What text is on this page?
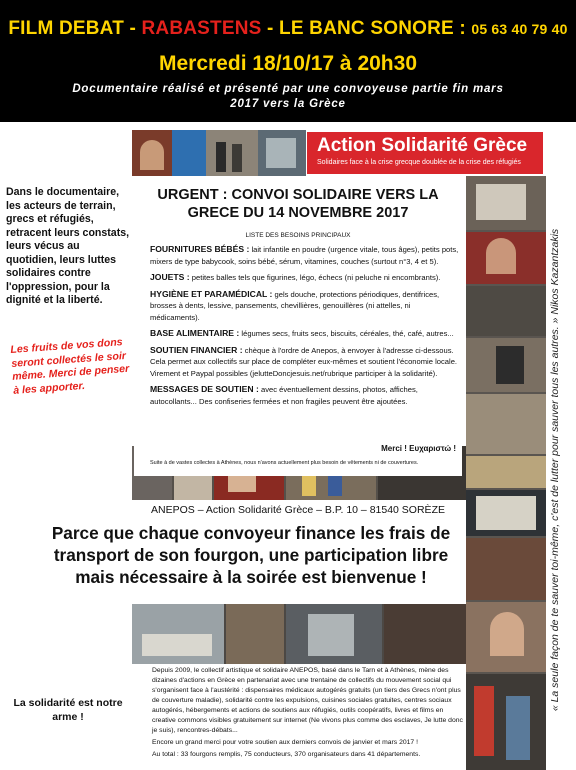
FILM DEBAT - RABASTENS - LE BANC SONORE : 05 63 40 79 40
Mercredi 18/10/17 à 20h30
Documentaire réalisé et présenté par une convoyeuse partie fin mars 2017 vers la Grèce
Action Solidarité Grèce
Solidaires face à la crise grecque doublée de la crise des réfugiés
Dans le documentaire, les acteurs de terrain, grecs et réfugiés, retracent leurs constats, leurs vécus au quotidien, leurs luttes solidaires contre l'oppression, pour la dignité et la liberté.
Les fruits de vos dons seront collectés le soir même. Merci de penser à les apporter.
URGENT : CONVOI SOLIDAIRE VERS LA GRECE DU 14 NOVEMBRE 2017
LISTE DES BESOINS PRINCIPAUX

FOURNITURES BÉBÉS : lait infantile en poudre (urgence vitale, tous âges), petits pots, mixers de type babycook, soins bébé, sérum, vitamines, couches (surtout n°3, 4 et 5).

JOUETS : petites balles tels que figurines, légo, échecs (ni peluche ni encombrants).

HYGIÈNE ET PARAMÉDICAL : gels douche, protections périodiques, dentifrices, brosses à dents, lessive, pansements, chevillières, genouillères (ni attelles, ni médicaments).

BASE ALIMENTAIRE : légumes secs, fruits secs, biscuits, céréales, thé, café, autres...

SOUTIEN FINANCIER : chèque à l'ordre de Anepos, à envoyer à l'adresse ci-dessous. Cela permet aux collectifs sur place de compléter eux-mêmes et soutient l'économie locale. Virement et Paypal possibles (jelutteDoncjesuis.net/rubrique participer à la solidarité).

MESSAGES DE SOUTIEN : avec éventuellement dessins, photos, affiches, autocollants... Des confiseries fermées et non fragiles peuvent être ajoutées.

Merci ! Ευχαριστώ !
Suite à de vastes collectes à Athènes, nous n'avons actuellement plus besoin de vêtements ni de couvertures.
ANEPOS – Action Solidarité Grèce – B.P. 10 – 81540 SORÈZE
Parce que chaque convoyeur finance les frais de transport de son fourgon, une participation libre mais nécessaire à la soirée est bienvenue !
La solidarité est notre arme !

Depuis 2009, le collectif artistique et solidaire ANEPOS, basé dans le Tarn et à Athènes, mène des dizaines d'actions en Grèce en partenariat avec une trentaine de collectifs du mouvement social qui s'organisent face à l'austérité : dispensaires médicaux autogérés gratuits (un tiers des Grecs n'ont plus de couverture maladie), solidarité contre les expulsions, cuisines sociales gratuites, centres sociaux autogérés, hébergements et actions de soutiens aux réfugiés, outils coopératifs, livres et films en creative commons visibles gratuitement sur internet (Ne vivons plus comme des esclaves, Je lutte donc je suis), rencontres-débats...

Encore un grand merci pour votre soutien aux derniers convois de janvier et mars 2017 !

Au total : 33 fourgons remplis, 75 conducteurs, 370 organisateurs dans 41 départements.

« La seule façon de te sauver toi-même, c'est de lutter pour sauver tous les autres. » Nikos Kazantzakis
